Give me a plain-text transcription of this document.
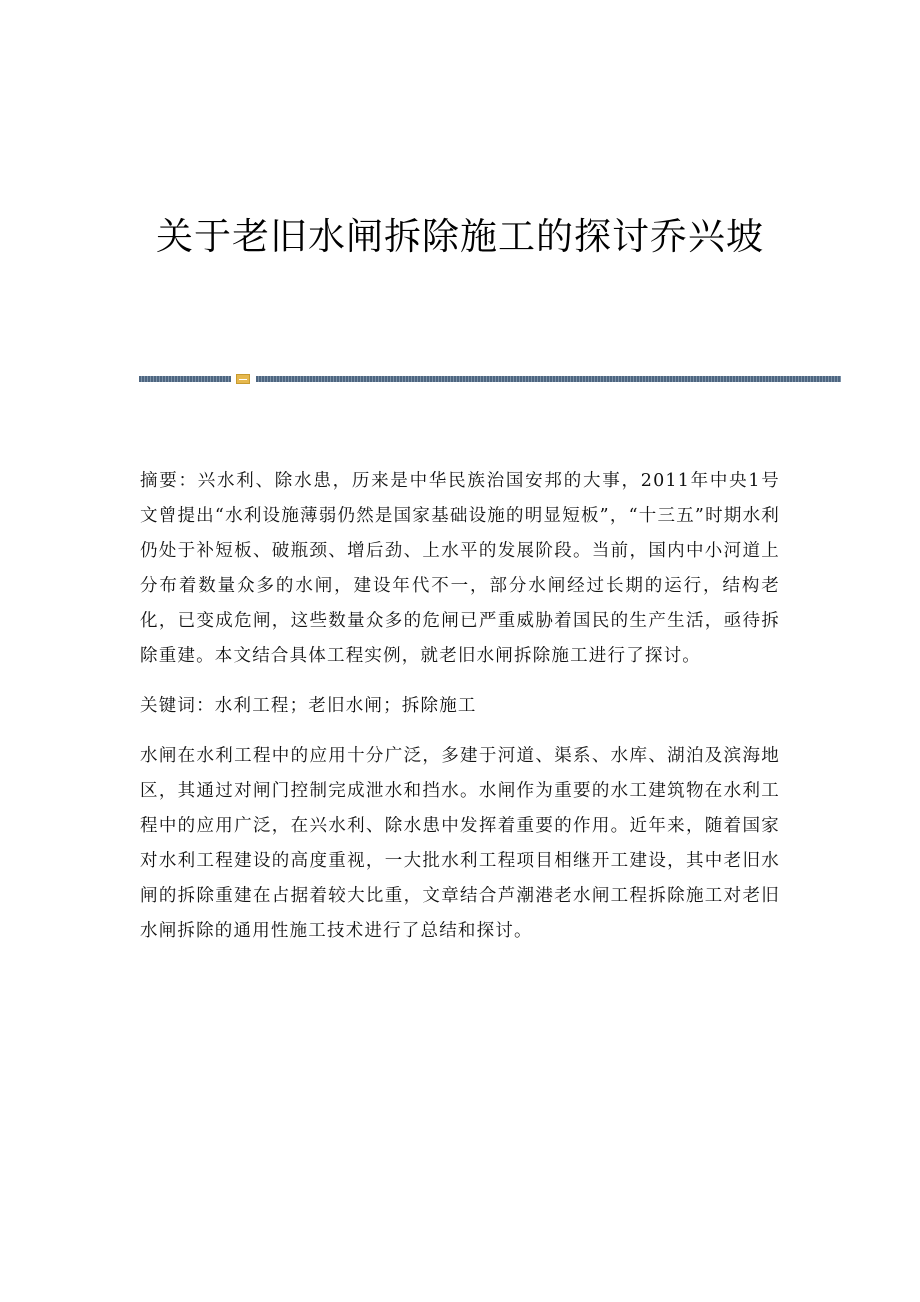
关于老旧水闸拆除施工的探讨乔兴坡

摘要：兴水利、除水患，历来是中华民族治国安邦的大事，2011年中央1号文曾提出“水利设施薄弱仍然是国家基础设施的明显短板”，“十三五”时期水利仍处于补短板、破瓶颈、增后劲、上水平的发展阶段。当前，国内中小河道上分布着数量众多的水闸，建设年代不一，部分水闸经过长期的运行，结构老化，已变成危闸，这些数量众多的危闸已严重威胁着国民的生产生活，亟待拆除重建。本文结合具体工程实例，就老旧水闸拆除施工进行了探讨。

关键词：水利工程；老旧水闸；拆除施工

水闸在水利工程中的应用十分广泛，多建于河道、渠系、水库、湖泊及滨海地区，其通过对闸门控制完成泄水和挡水。水闸作为重要的水工建筑物在水利工程中的应用广泛，在兴水利、除水患中发挥着重要的作用。近年来，随着国家对水利工程建设的高度重视，一大批水利工程项目相继开工建设，其中老旧水闸的拆除重建在占据着较大比重，文章结合芦潮港老水闸工程拆除施工对老旧水闸拆除的通用性施工技术进行了总结和探讨。
